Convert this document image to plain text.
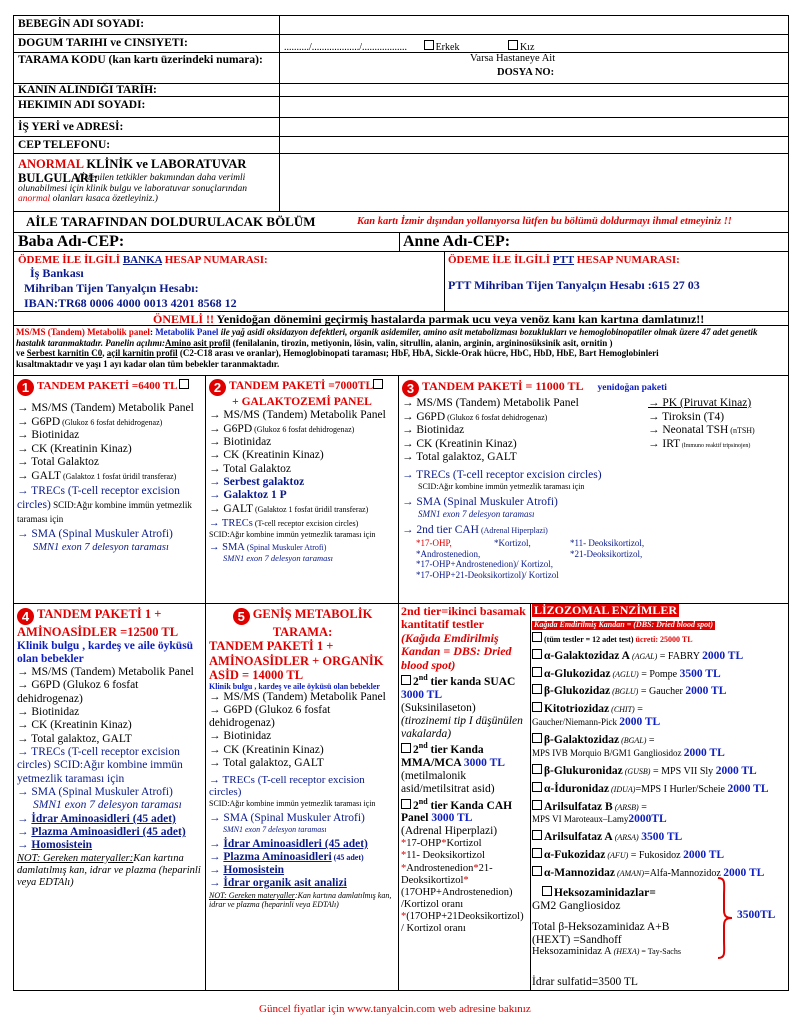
BEBEGİN ADI SOYADI:
DOGUM TARIHI ve CINSIYETI:	........../.................../..................	Erkek	Kız
TARAMA KODU (kan kartı üzerindeki numara):	Varsa Hastaneye Ait
DOSYA NO:
KANIN ALINDIĞI TARİH:
HEKIMIN ADI SOYADI:
İŞ YERİ ve ADRESİ:
CEP TELEFONU:
ANORMAL KLİNİK ve LABORATUVAR BULGULARI:
(İstenilen tetkikler bakımından daha verimli olunabilmesi için klinik bulgu ve laboratuvar sonuçlarından anormal olanları kısaca özetleyiniz.)
AİLE TARAFINDAN DOLDURULACAK BÖLÜM	Kan kartı İzmir dışından yollanıyorsa lütfen bu bölümü doldurmayı ihmal etmeyiniz !!
Baba Adı-CEP:	Anne Adı-CEP:
ÖDEME İLE İLGİLİ BANKA HESAP NUMARASI:
İş Bankası
Mihriban Tijen Tanyalçın Hesabı:
IBAN:TR68 0006 4000 0013 4201 8568 12
ÖDEME İLE İLGİLİ PTT HESAP NUMARASI:
PTT Mihriban Tijen Tanyalçın Hesabı :615 27 03
ÖNEMLİ !! Yenidoğan dönemini geçirmiş hastalarda parmak ucu veya venöz kanı kan kartına damlatınız!!
MS/MS (Tandem) Metabolik panel: Metabolik Panel ile yağ asidi oksidazyon defektleri, organik asidemiler, amino asit metabolizması bozuklukları ve hemoglobinopatiler olmak üzere 47 adet genetik hastalık taranmaktadır. Panelin açılımı:Amino asit profil (fenilalanin, tirozin, metiyonin, lösin, valin, sitrullin, alanin, arginin, argininosüksinik asit, ornitin )
ve Serbest karnitin C0, açil karnitin profil (C2-C18 arası ve oranlar), Hemoglobinopati taraması; HbF, HbA, Sickle-Orak hücre, HbC, HbD, HbE, Bart Hemoglobinleri
kısaltmaktadır ve yaşı 1 ayı kadar olan tüm bebekler taranmaktadır.
1 TANDEM PAKETİ =6400 TL
→ MS/MS (Tandem) Metabolik Panel
→ G6PD (Glukoz 6 fosfat dehidrogenaz)
→ Biotinidaz
→ CK (Kreatinin Kinaz)
→ Total Galaktoz
→ GALT (Galaktoz 1 fosfat üridil transferaz)
→ TRECs (T-cell receptor excision circles) SCID:Ağır kombine immün yetmezlik taraması için
→ SMA (Spinal Muskuler Atrofi)
SMN1 exon 7 delesyon taraması
2 TANDEM PAKETİ =7000TL
+ GALAKTOZEMİ PANEL
→ MS/MS (Tandem) Metabolik Panel
→ G6PD (Glukoz 6 fosfat dehidrogenaz)
→ Biotinidaz
→ CK (Kreatinin Kinaz)
→ Total Galaktoz
→ Serbest galaktoz
→ Galaktoz 1 P
→ GALT (Galaktoz 1 fosfat üridil transferaz)
→ TRECs (T-cell receptor excision circles) SCID:Ağır kombine immün yetmezlik taraması için
→ SMA (Spinal Muskuler Atrofi)
SMN1 exon 7 delesyon taraması
3 TANDEM PAKETİ = 11000 TL yenidoğan paketi
→ MS/MS (Tandem) Metabolik Panel
→ G6PD (Glukoz 6 fosfat dehidrogenaz)
→ Biotinidaz
→ CK (Kreatinin Kinaz)
→ Total galaktoz, GALT
→ PK (Piruvat Kinaz)
→ Tiroksin (T4)
→ Neonatal TSH (nTSH)
→ IRT (İmmuno reaktif tripsinojen)
→ TRECs (T-cell receptor excision circles)
SCID:Ağır kombine immün yetmezlik taraması için
→ SMA (Spinal Muskuler Atrofi)
SMN1 exon 7 delesyon taraması
→ 2nd tier CAH (Adrenal Hiperplazi)
*17-OHP,	*Kortizol,	*11- Deoksikortizol,
*Androstenedion,	*21-Deoksikortizol,
*17-OHP+Androstenedion)/ Kortizol,
*17-OHP+21-Deoksikortizol)/ Kortizol
4 TANDEM PAKETİ 1 +
AMİNOASİDLER =12500 TL
Klinik bulgu , kardeş ve aile öyküsü olan bebekler
→ MS/MS (Tandem) Metabolik Panel
→ G6PD (Glukoz 6 fosfat dehidrogenaz)
→ Biotinidaz
→ CK (Kreatinin Kinaz)
→ Total galaktoz, GALT
→ TRECs (T-cell receptor excision circles) SCID:Ağır kombine immün yetmezlik taraması için
→ SMA (Spinal Muskuler Atrofi)
SMN1 exon 7 delesyon taraması
→ İdrar Aminoasidleri (45 adet)
→ Plazma Aminoasidleri (45 adet)
→ Homosistein
NOT: Gereken materyaller:Kan kartına damlatılmış kan, idrar ve plazma (heparinli veya EDTAlı)
5 GENİŞ METABOLİK TARAMA:
TANDEM PAKETİ 1 + AMİNOASİDLER + ORGANİK ASİD = 14000 TL
Klinik bulgu , kardeş ve aile öyküsü olan bebekler
→ MS/MS (Tandem) Metabolik Panel
→ G6PD (Glukoz 6 fosfat dehidrogenaz)
→ Biotinidaz
→ CK (Kreatinin Kinaz)
→ Total galaktoz, GALT
→ TRECs (T-cell receptor excision circles)
SCID:Ağır kombine immün yetmezlik taraması için
→ SMA (Spinal Muskuler Atrofi)
SMN1 exon 7 delesyon taraması
→ İdrar Aminoasidleri (45 adet)
→ Plazma Aminoasidleri (45 adet)
→ Homosistein
→ İdrar organik asit analizi
NOT: Gereken materyaller:Kan kartına damlatılmış kan, idrar ve plazma (heparinli veya EDTAlı)
2nd tier=ikinci basamak kantitatif testler
(Kağıda Emdirilmiş Kandan = DBS: Dried blood spot)
2nd tier kanda SUAC 3000 TL
(Suksinilaseton)
(tirozinemi tip I düşünülen vakalarda)
2nd tier Kanda MMA/MCA 3000 TL
(metilmalonik asid/metilsitrat asid)
2nd tier Kanda CAH Panel 3000 TL
(Adrenal Hiperplazi)
*17-OHP*Kortizol
*11- Deoksikortizol
*Androstenedion*21-Deoksikortizol*(17OHP+Androstenedion) /Kortizol oranı
*(17OHP+21Deoksikortizol) / Kortizol oranı
LİZOZOMAL ENZİMLER Kağıda Emdirilmiş Kandan = (DBS: Dried blood spot)
(tüm testler = 12 adet test) ücreti: 25000 TL
α-Galaktozidaz A (AGAL) = FABRY 2000 TL
α-Glukozidaz (AGLU) = Pompe 3500 TL
β-Glukozidaz (BGLU) = Gaucher 2000 TL
Kitotriozidaz (CHIT) =
Gaucher/Niemann-Pick 2000 TL
β-Galaktozidaz (BGAL) =
MPS IVB Morquio B/GM1 Gangliosidoz 2000 TL
β-Glukuronidaz (GUSB) = MPS VII Sly 2000 TL
α-İduronidaz (IDUA)=MPS I Hurler/Scheie 2000 TL
Arilsulfataz B (ARSB) =
MPS VI Maroteaux–Lamy2000TL
Arilsulfataz A (ARSA) 3500 TL
α-Fukozidaz (AFU) = Fukosidoz 2000 TL
α-Mannozidaz (AMAN)=Alfa-Mannozidoz 2000 TL
Heksozaminidazlar=
GM2 Gangliosidoz
Total β-Heksozaminidaz A+B
(HEXT) =Sandhoff
Heksozaminidaz A (HEXA) = Tay-Sachs
İdrar sulfatid=3500 TL
3500TL
Güncel fiyatlar için www.tanyalcin.com web adresine bakınız
